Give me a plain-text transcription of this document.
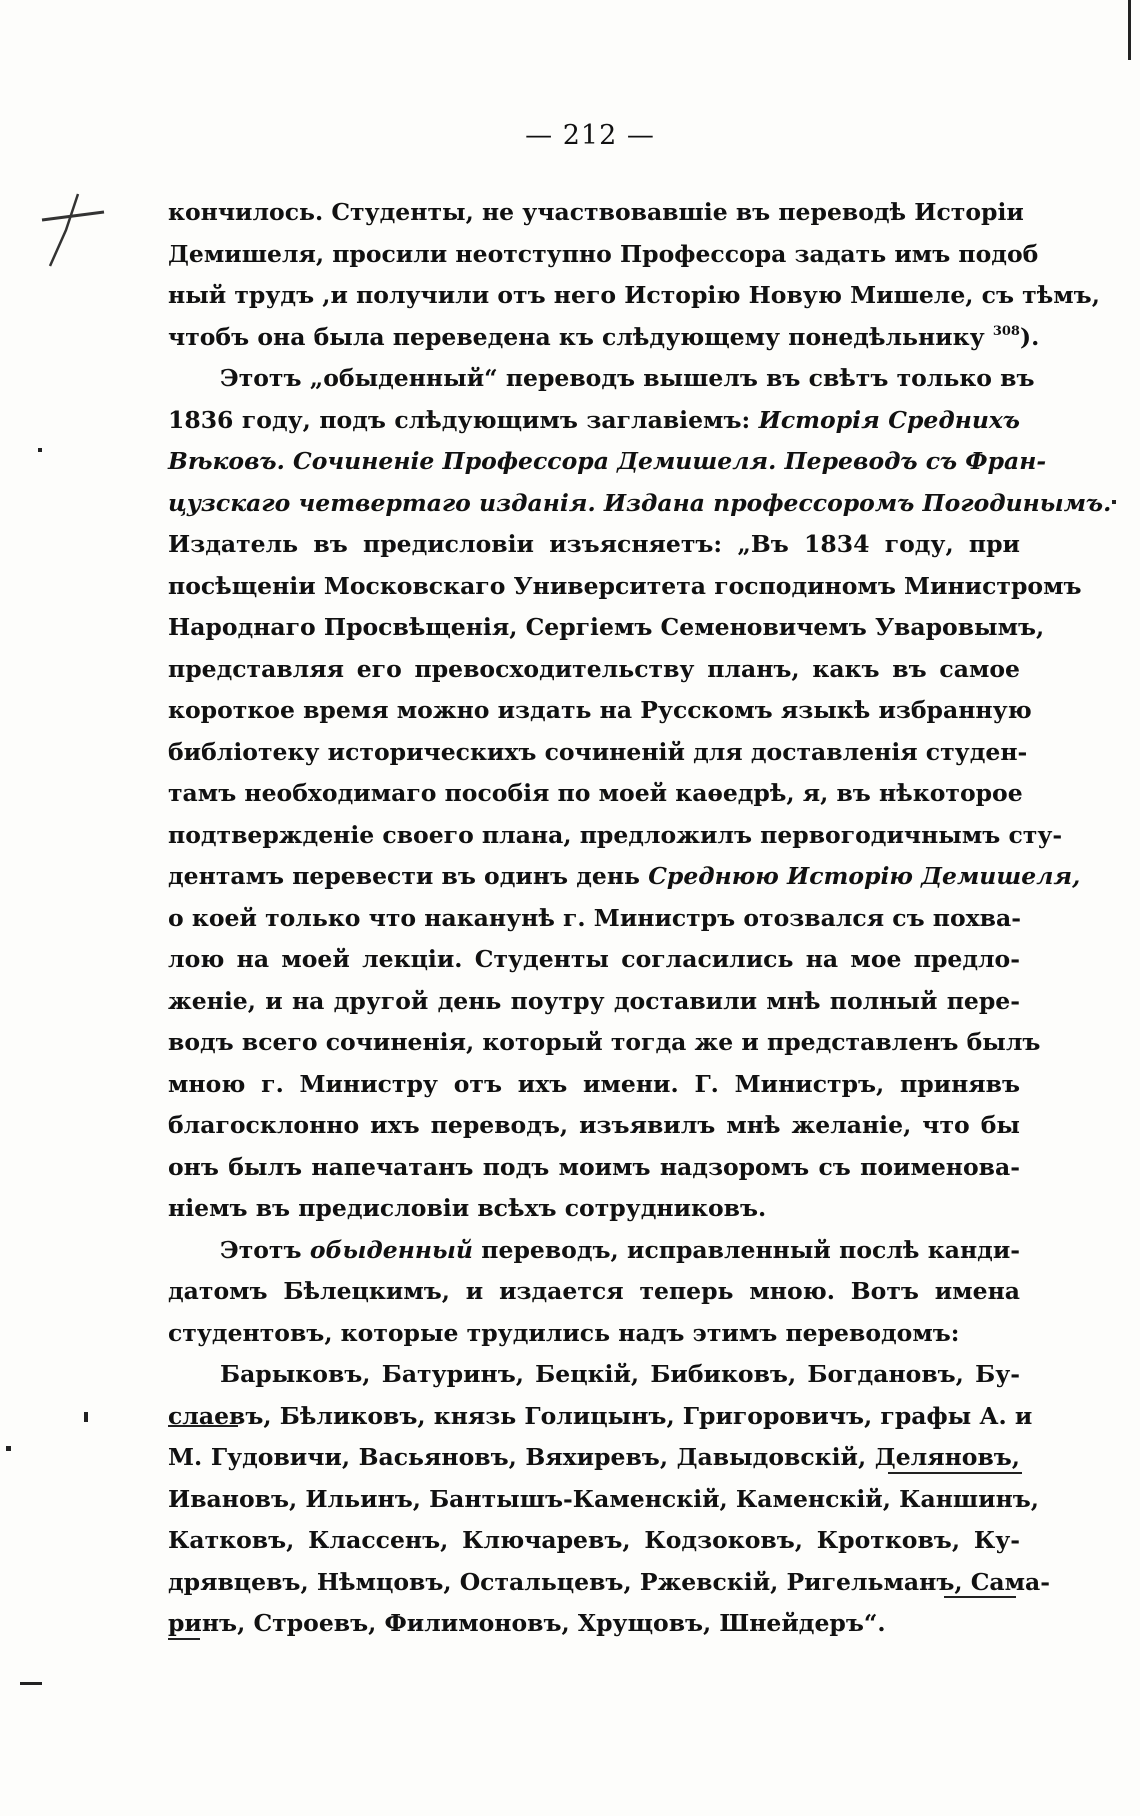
— 212 —
кончилось. Студенты, не участвовавшіе въ переводѣ Исторіи
Демишеля, просили неотступно Профессора задать имъ подоб
ный трудъ ,и получили отъ него Исторію Новую Мишеле, съ тѣмъ,
чтобъ она была переведена къ слѣдующему понедѣльнику $^{308}$).
Этотъ „обыденный“ переводъ вышелъ въ свѣтъ только въ
1836 году, подъ слѣдующимъ заглавіемъ: Исторія Среднихъ
Вѣковъ. Сочиненіе Профессора Демишеля. Переводъ съ Фран-
цузскаго четвертаго изданія. Издана профессоромъ Погодинымъ.
Издатель въ предисловіи изъясняетъ: „Въ 1834 году, при
посѣщеніи Московскаго Университета господиномъ Министромъ
Народнаго Просвѣщенія, Сергіемъ Семеновичемъ Уваровымъ,
представляя его превосходительству планъ, какъ въ самое
короткое время можно издать на Русскомъ языкѣ избранную
библіотеку историческихъ сочиненій для доставленія студен-
тамъ необходимаго пособія по моей каѳедрѣ, я, въ нѣкоторое
подтвержденіе своего плана, предложилъ первогодичнымъ сту-
дентамъ перевести въ одинъ день Среднюю Исторію Демишеля,
о коей только что наканунѣ г. Министръ отозвался съ похва-
лою на моей лекціи. Студенты согласились на мое предло-
женіе, и на другой день поутру доставили мнѣ полный пере-
водъ всего сочиненія, который тогда же и представленъ былъ
мною г. Министру отъ ихъ имени. Г. Министръ, принявъ
благосклонно ихъ переводъ, изъявилъ мнѣ желаніе, что бы
онъ былъ напечатанъ подъ моимъ надзоромъ съ поименова-
ніемъ въ предисловіи всѣхъ сотрудниковъ.
Этотъ обыденный переводъ, исправленный послѣ канди-
датомъ Бѣлецкимъ, и издается теперь мною. Вотъ имена
студентовъ, которые трудились надъ этимъ переводомъ:
Барыковъ, Батуринъ, Бецкій, Бибиковъ, Богдановъ, Бу-
слаевъ, Бѣликовъ, князь Голицынъ, Григоровичъ, графы А. и
М. Гудовичи, Васьяновъ, Вяхиревъ, Давыдовскій, Деляновъ,
Ивановъ, Ильинъ, Бантышъ-Каменскій, Каменскій, Каншинъ,
Катковъ, Классенъ, Ключаревъ, Кодзоковъ, Кротковъ, Ку-
дрявцевъ, Нѣмцовъ, Остальцевъ, Ржевскій, Ригельманъ, Сама-
ринъ, Строевъ, Филимоновъ, Хрущовъ, Шнейдеръ“.
